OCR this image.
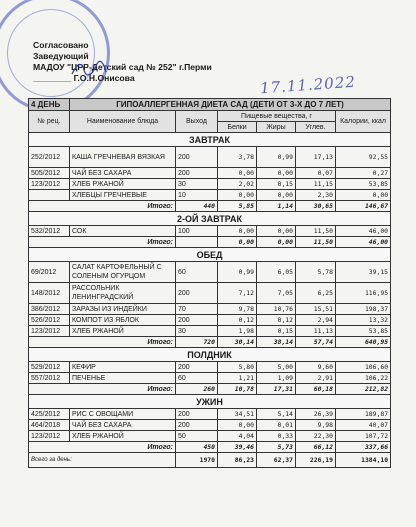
Согласовано
Заведующий
МАДОУ "ЦРР-Детский сад № 252" г.Перми
________ Г.О.Н.Онисова	17.11.2022
4 ДЕНЬ	ГИПОАЛЛЕРГЕННАЯ ДИЕТА САД (ДЕТИ ОТ 3-Х ДО 7 ЛЕТ)					
№ рец.	Наименование блюда	Выход	Пищевые вещества, г			Калории, ккал
			Белки	Жиры	Углев.	
ЗАВТРАК						
252/2012	КАША ГРЕЧНЕВАЯ ВЯЗКАЯ	200	3,78	0,99	17,13	92,55
505/2012	ЧАЙ БЕЗ САХАРА	200	0,00	0,00	0,07	0,27
123/2012	ХЛЕБ РЖАНОЙ	30	2,02	0,15	11,15	53,85
	ХЛЕБЦЫ ГРЕЧНЕВЫЕ	10	0,00	0,00	2,30	0,00
Итого:		440	5,85	1,14	30,65	146,67
2-ОЙ ЗАВТРАК						
532/2012	СОК	100	0,00	0,00	11,50	46,00
Итого:			0,00	0,00	11,50	46,00
ОБЕД						
69/2012	САЛАТ КАРТОФЕЛЬНЫЙ С СОЛЕНЫМ ОГУРЦОМ	60	0,99	6,05	5,78	39,15
148/2012	РАССОЛЬНИК ЛЕНИНГРАДСКИЙ	200	7,12	7,05	6,25	116,95
386/2012	ЗАРАЗЫ ИЗ ИНДЕЙКИ	70	9,78	10,76	15,51	198,37
526/2012	КОМПОТ ИЗ ЯБЛОК	200	0,12	0,12	2,94	13,32
123/2012	ХЛЕБ РЖАНОЙ	30	1,98	0,15	11,13	53,85
Итого:		720	30,14	38,14	57,74	640,95
ПОЛДНИК						
529/2012	КЕФИР	200	5,80	5,00	9,60	106,60
557/2012	ПЕЧЕНЬЕ	60	1,21	1,09	2,91	106,22
Итого:		260	10,78	17,31	60,18	212,82
УЖИН						
425/2012	РИС С ОВОЩАМИ	200	34,51	5,14	26,39	189,87
464/2018	ЧАЙ БЕЗ САХАРА	200	0,00	0,01	9,98	40,07
123/2012	ХЛЕБ РЖАНОЙ	50	4,04	0,33	22,30	107,72
Итого:		450	39,46	5,73	66,12	337,66
Всего за день:		1970	86,23	62,37	226,19	1384,10
